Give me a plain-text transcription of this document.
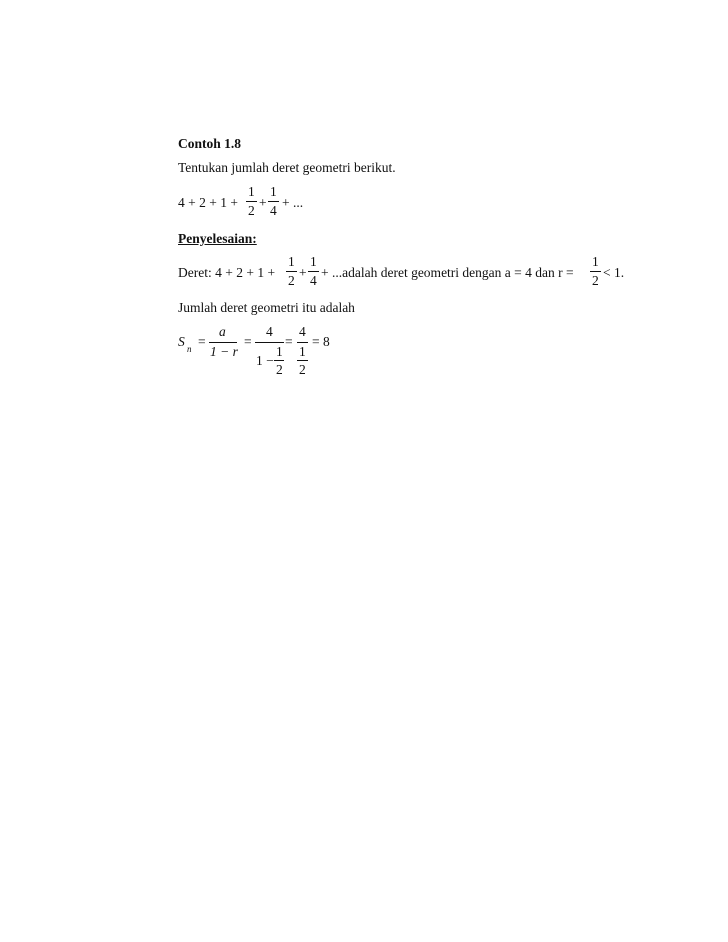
Contoh 1.8
Tentukan jumlah deret geometri berikut.
4 + 2 + 1 +
1
2
+
1
4
+ ...
Penyelesaian:
Deret: 4 + 2 + 1 +
1
2
+
1
4
+ ...adalah deret geometri dengan a = 4 dan r =
1
2
< 1.
Jumlah deret geometri itu adalah
S n =
a
1 − r
=
4
1 −
1
2
=
4
1
2
= 8
